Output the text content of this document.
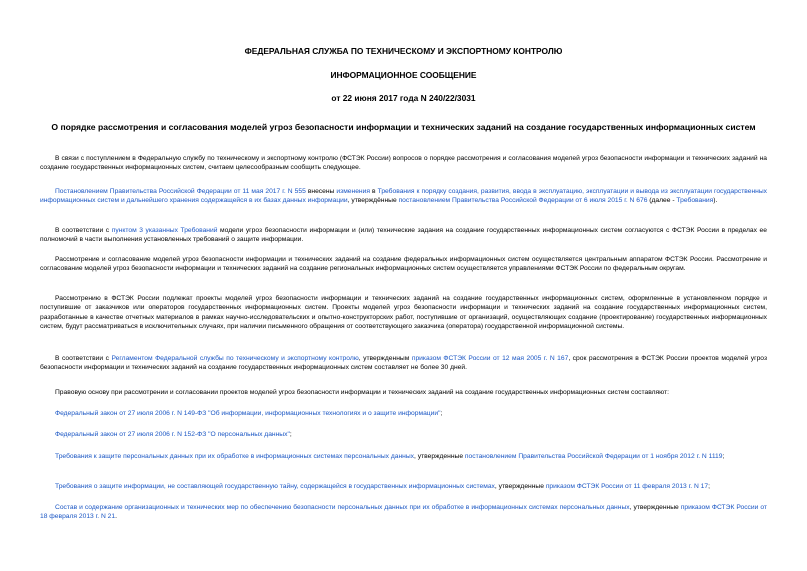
ФЕДЕРАЛЬНАЯ СЛУЖБА ПО ТЕХНИЧЕСКОМУ И ЭКСПОРТНОМУ КОНТРОЛЮ

ИНФОРМАЦИОННОЕ СООБЩЕНИЕ

от 22 июня 2017 года N 240/22/3031

О порядке рассмотрения и согласования моделей угроз безопасности информации и технических заданий на создание государственных информационных систем

В связи с поступлением в Федеральную службу по техническому и экспортному контролю (ФСТЭК России) вопросов о порядке рассмотрения и согласования моделей угроз безопасности информации и технических заданий на создание государственных информационных систем, считаем целесообразным сообщить следующее.

Постановлением Правительства Российской Федерации от 11 мая 2017 г. N 555 внесены изменения в Требования к порядку создания, развития, ввода в эксплуатацию, эксплуатации и вывода из эксплуатации государственных информационных систем и дальнейшего хранения содержащейся в их базах данных информации, утверждённые постановлением Правительства Российской Федерации от 6 июля 2015 г. N 676 (далее - Требования).

В соответствии с пунктом 3 указанных Требований модели угроз безопасности информации и (или) технические задания на создание государственных информационных систем согласуются с ФСТЭК России в пределах ее полномочий в части выполнения установленных требований о защите информации.

Рассмотрение и согласование моделей угроз безопасности информации и технических заданий на создание федеральных информационных систем осуществляется центральным аппаратом ФСТЭК России. Рассмотрение и согласование моделей угроз безопасности информации и технических заданий на создание региональных информационных систем осуществляется управлениями ФСТЭК России по федеральным округам.

Рассмотрению в ФСТЭК России подлежат проекты моделей угроз безопасности информации и технических заданий на создание государственных информационных систем, оформленные в установленном порядке и поступившие от заказчиков или операторов государственных информационных систем. Проекты моделей угроз безопасности информации и технических заданий на создание государственных информационных систем, разработанные в качестве отчетных материалов в рамках научно-исследовательских и опытно-конструкторских работ, поступившие от организаций, осуществляющих создание (проектирование) государственных информационных систем, будут рассматриваться в исключительных случаях, при наличии письменного обращения от соответствующего заказчика (оператора) государственной информационной системы.

В соответствии с Регламентом Федеральной службы по техническому и экспортному контролю, утвержденным приказом ФСТЭК России от 12 мая 2005 г. N 167, срок рассмотрения в ФСТЭК России проектов моделей угроз безопасности информации и технических заданий на создание государственных информационных систем составляет не более 30 дней.

Правовую основу при рассмотрении и согласовании проектов моделей угроз безопасности информации и технических заданий на создание государственных информационных систем составляют:

Федеральный закон от 27 июля 2006 г. N 149-ФЗ "Об информации, информационных технологиях и о защите информации";

Федеральный закон от 27 июля 2006 г. N 152-ФЗ "О персональных данных";

Требования к защите персональных данных при их обработке в информационных системах персональных данных, утвержденные постановлением Правительства Российской Федерации от 1 ноября 2012 г. N 1119;

Требования о защите информации, не составляющей государственную тайну, содержащейся в государственных информационных системах, утвержденные приказом ФСТЭК России от 11 февраля 2013 г. N 17;

Состав и содержание организационных и технических мер по обеспечению безопасности персональных данных при их обработке в информационных системах персональных данных, утвержденные приказом ФСТЭК России от 18 февраля 2013 г. N 21.
